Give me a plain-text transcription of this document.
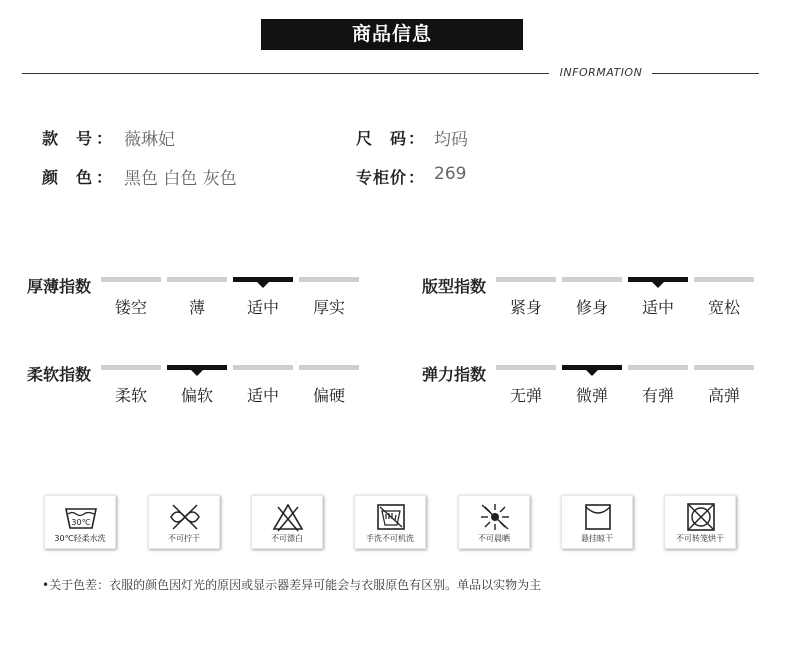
商品信息
INFORMATION
款号 ： 薇琳妃	尺码 ： 均码
颜色 ： 黑色 白色 灰色	专柜价 ： 269
厚薄指数
镂空	薄	适中	厚实
版型指数
紧身	修身	适中	宽松
柔软指数
柔软	偏软	适中	偏硬
弹力指数
无弹	微弹	有弹	高弹
30℃
30℃轻柔水洗	不可拧干	不可漂白	手洗不可机洗	不可晨晒	悬挂晾干	不可转笼烘干
•关于色差：衣服的颜色因灯光的原因或显示器差异可能会与衣服原色有区别。单品以实物为主
